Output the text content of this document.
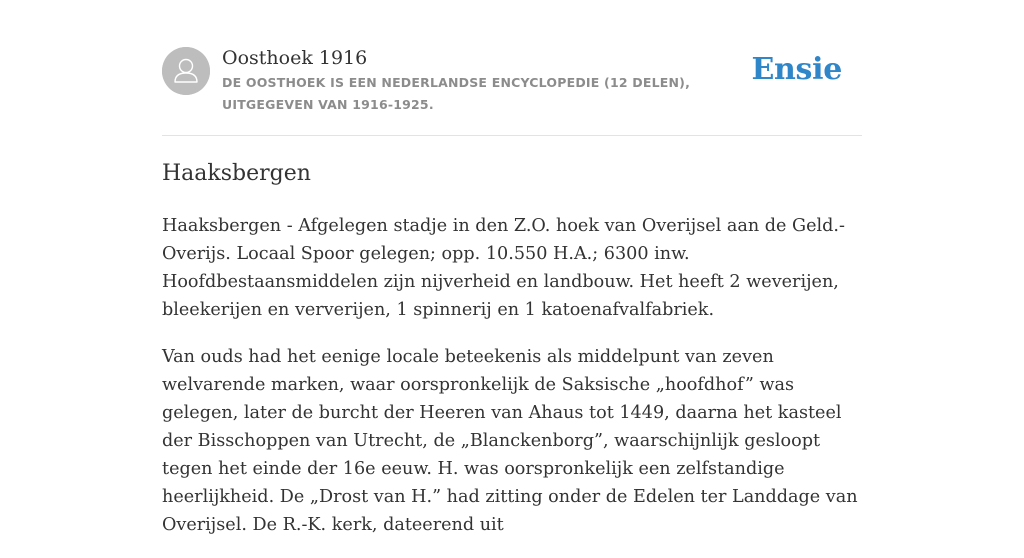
Oosthoek 1916
DE OOSTHOEK IS EEN NEDERLANDSE ENCYCLOPEDIE (12 DELEN), UITGEGEVEN VAN 1916-1925.
Ensie
Haaksbergen

Haaksbergen - Afgelegen stadje in den Z.O. hoek van Overijsel aan de Geld.-Overijs. Locaal Spoor gelegen; opp. 10.550 H.A.; 6300 inw. Hoofdbestaansmiddelen zijn nijverheid en landbouw. Het heeft 2 weverijen, bleekerijen en ververijen, 1 spinnerij en 1 katoenafvalfabriek.

Van ouds had het eenige locale beteekenis als middelpunt van zeven welvarende marken, waar oorspronkelijk de Saksische „hoofdhof” was gelegen, later de burcht der Heeren van Ahaus tot 1449, daarna het kasteel der Bisschoppen van Utrecht, de „Blanckenborg”, waarschijnlijk gesloopt tegen het einde der 16e eeuw. H. was oorspronkelijk een zelfstandige heerlijkheid. De „Drost van H.” had zitting onder de Edelen ter Landdage van Overijsel. De R.-K. kerk, dateerend uit
